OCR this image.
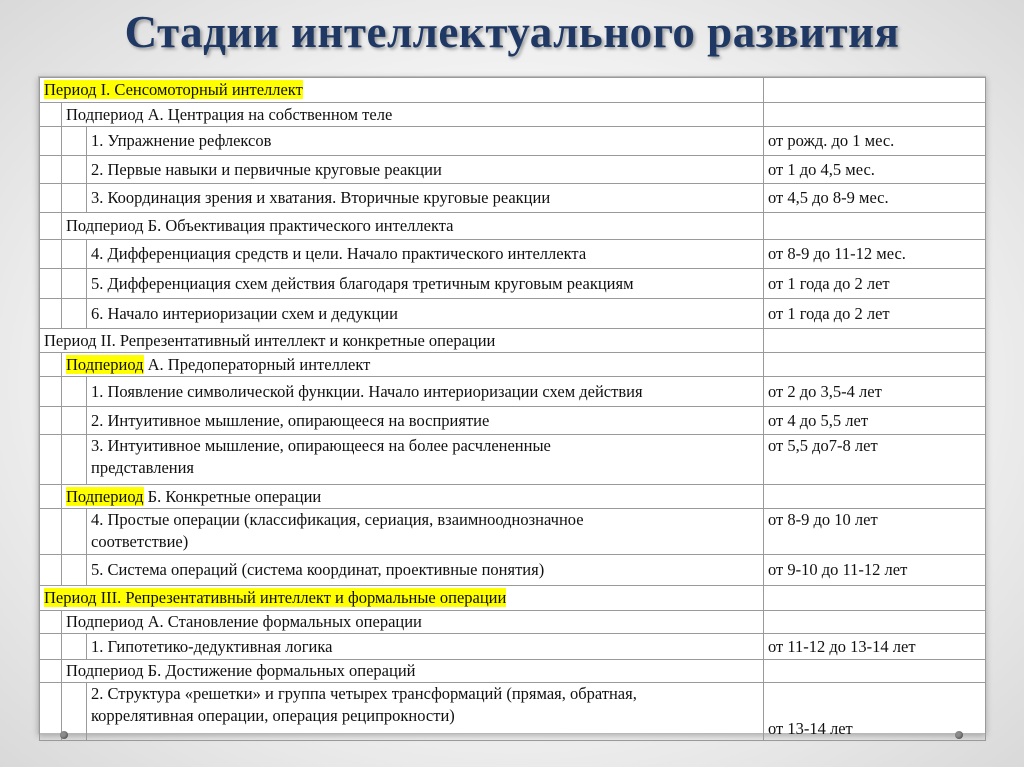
Стадии интеллектуального развития
Период I. Сенсомоторный интеллект			
	Подпериод А. Центрация на собственном теле		
		1. Упражнение рефлексов	от рожд. до 1 мес.
		2. Первые навыки и первичные круговые реакции	от 1 до 4,5 мес.
		3. Координация зрения и хватания. Вторичные круговые реакции	от 4,5 до 8-9 мес.
	Подпериод Б. Объективация практического интеллекта		
		4. Дифференциация средств и цели. Начало практического интеллекта	от 8-9 до 11-12 мес.
		5. Дифференциация схем действия благодаря третичным круговым реакциям	от 1 года до 2 лет
		6. Начало интериоризации схем и дедукции	от 1 года до 2 лет
Период II. Репрезентативный интеллект и конкретные операции			
	Подпериод А. Предоператорный интеллект		
		1. Появление символической функции. Начало интериоризации схем действия	от 2 до 3,5-4 лет
		2. Интуитивное мышление, опирающееся на восприятие	от 4 до 5,5 лет
		3. Интуитивное мышление, опирающееся на более расчлененные
представления	от 5,5 до7-8 лет
	Подпериод Б. Конкретные операции		
		4. Простые операции (классификация, сериация, взаимнооднозначное
соответствие)	от 8-9 до 10 лет
		5. Система операций (система координат, проективные понятия)	от 9-10 до 11-12 лет
Период III. Репрезентативный интеллект и формальные операции			
	Подпериод А. Становление формальных операции		
		1. Гипотетико-дедуктивная логика	от 11-12 до 13-14 лет
	Подпериод Б. Достижение формальных операций		
		2. Структура «решетки» и группа четырех трансформаций (прямая, обратная,
коррелятивная операции, операция реципрокности)	от 13-14 лет
